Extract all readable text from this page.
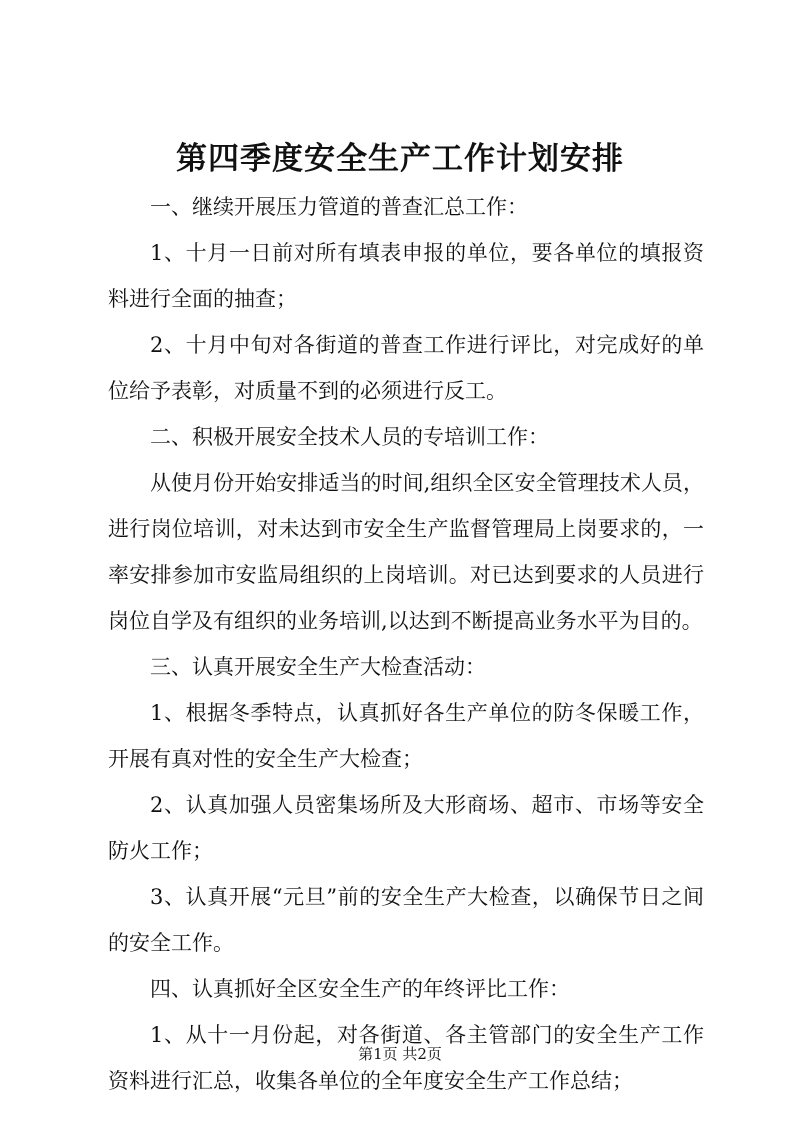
第四季度安全生产工作计划安排

一、继续开展压力管道的普查汇总工作：

1、十月一日前对所有填表申报的单位，要各单位的填报资料进行全面的抽查；

2、十月中旬对各街道的普查工作进行评比，对完成好的单位给予表彰，对质量不到的必须进行反工。

二、积极开展安全技术人员的专培训工作：

从使月份开始安排适当的时间,组织全区安全管理技术人员，进行岗位培训，对未达到市安全生产监督管理局上岗要求的，一率安排参加市安监局组织的上岗培训。对已达到要求的人员进行岗位自学及有组织的业务培训,以达到不断提高业务水平为目的。

三、认真开展安全生产大检查活动：

1、根据冬季特点，认真抓好各生产单位的防冬保暖工作，开展有真对性的安全生产大检查；

2、认真加强人员密集场所及大形商场、超市、市场等安全防火工作；

3、认真开展“元旦”前的安全生产大检查，以确保节日之间的安全工作。

四、认真抓好全区安全生产的年终评比工作：

1、从十一月份起，对各街道、各主管部门的安全生产工作资料进行汇总，收集各单位的全年度安全生产工作总结；

第1页 共2页
